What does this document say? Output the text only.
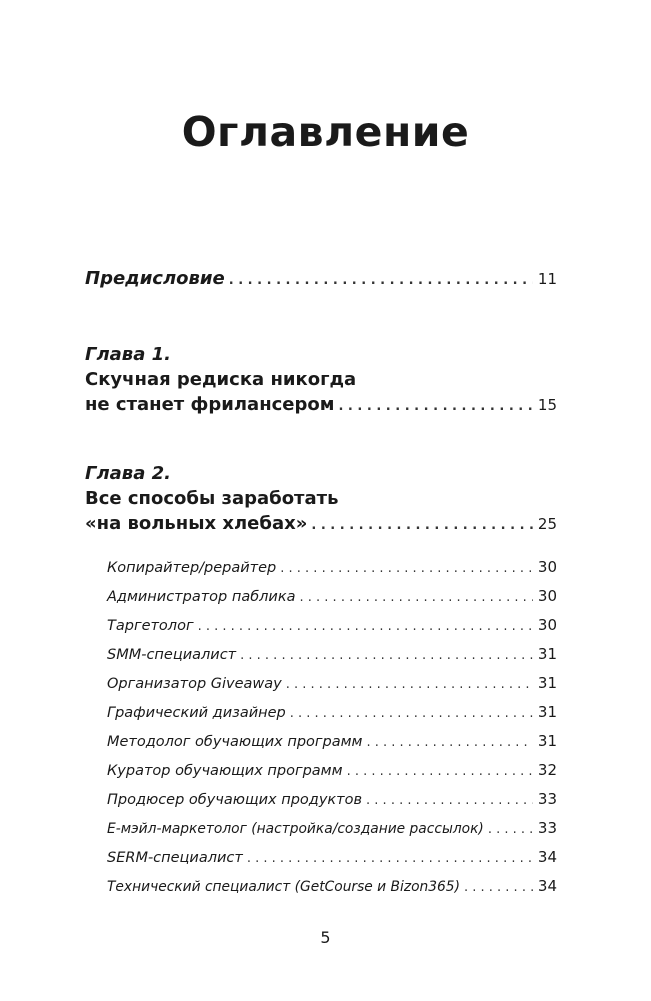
Оглавление
Предисловие . . .	11
Глава 1.
Скучная редиска никогда
не станет фрилансером . . .	15
Глава 2.
Все способы заработать
«на вольных хлебах» . . .	25
Копирайтер/рерайтер . . .	30
Администратор паблика . . .	30
Таргетолог . . .	30
SMM-специалист . . .	31
Организатор Giveaway . . .	31
Графический дизайнер . . .	31
Методолог обучающих программ . . .	31
Куратор обучающих программ . . .	32
Продюсер обучающих продуктов . . .	33
Е-мэйл-маркетолог (настройка/создание рассылок) . . .	33
SERM-специалист . . .	34
Технический специалист (GetCourse и Bizon365) . . .	34
5
